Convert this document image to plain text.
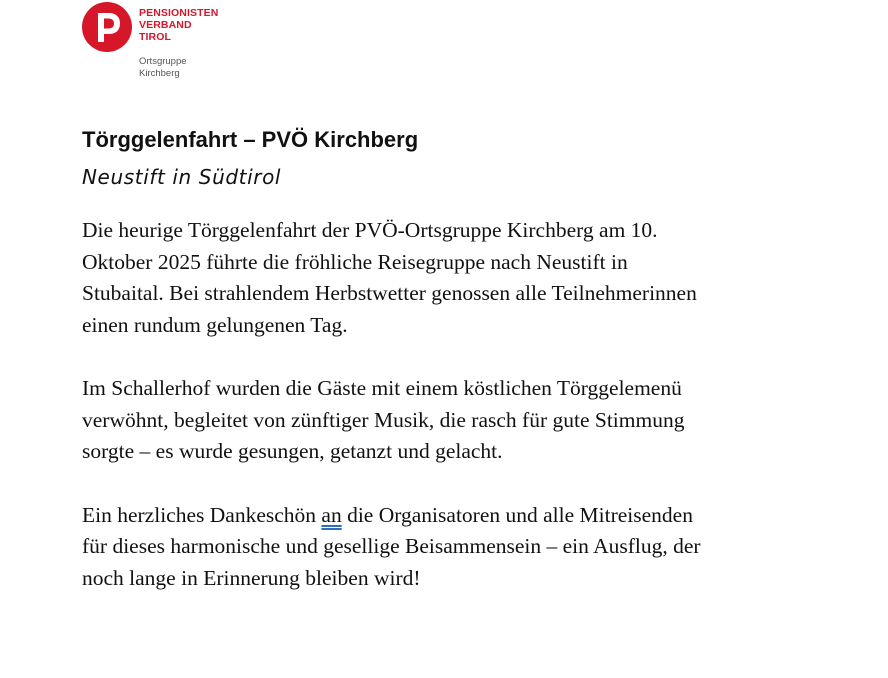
PENSIONISTEN
VERBAND
TIROL
Ortsgruppe
Kirchberg
Törggelenfahrt – PVÖ Kirchberg
Neustift in Südtirol

Die heurige Törggelenfahrt der PVÖ-Ortsgruppe Kirchberg am 10.
Oktober 2025 führte die fröhliche Reisegruppe nach Neustift in
Stubaital. Bei strahlendem Herbstwetter genossen alle Teilnehmerinnen
einen rundum gelungenen Tag.

Im Schallerhof wurden die Gäste mit einem köstlichen Törggelemenü
verwöhnt, begleitet von zünftiger Musik, die rasch für gute Stimmung
sorgte – es wurde gesungen, getanzt und gelacht.

Ein herzliches Dankeschön an die Organisatoren und alle Mitreisenden
für dieses harmonische und gesellige Beisammensein – ein Ausflug, der
noch lange in Erinnerung bleiben wird!
